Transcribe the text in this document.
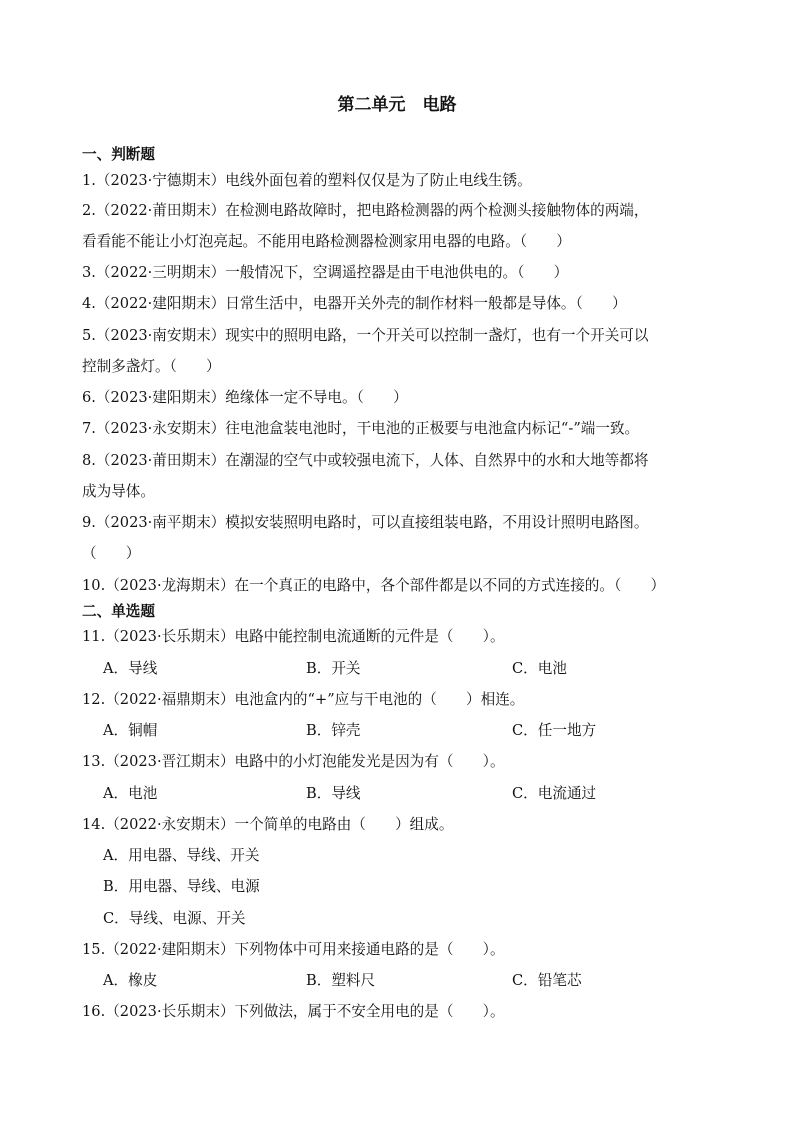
第二单元　电路
一、判断题
1.（2023·宁德期末）电线外面包着的塑料仅仅是为了防止电线生锈。
2.（2022·莆田期末）在检测电路故障时，把电路检测器的两个检测头接触物体的两端，
看看能不能让小灯泡亮起。不能用电路检测器检测家用电器的电路。（　　）
3.（2022·三明期末）一般情况下，空调遥控器是由干电池供电的。（　　）
4.（2022·建阳期末）日常生活中，电器开关外壳的制作材料一般都是导体。（　　）
5.（2023·南安期末）现实中的照明电路，一个开关可以控制一盏灯，也有一个开关可以
控制多盏灯。（　　）
6.（2023·建阳期末）绝缘体一定不导电。（　　）
7.（2023·永安期末）往电池盒装电池时，干电池的正极要与电池盒内标记“-”端一致。
8.（2023·莆田期末）在潮湿的空气中或较强电流下，人体、自然界中的水和大地等都将
成为导体。
9.（2023·南平期末）模拟安装照明电路时，可以直接组装电路，不用设计照明电路图。
（　　）
10.（2023·龙海期末）在一个真正的电路中，各个部件都是以不同的方式连接的。（　　）
二、单选题
11.（2023·长乐期末）电路中能控制电流通断的元件是（　　）。
A．导线	B．开关	C．电池
12.（2022·福鼎期末）电池盒内的“+”应与干电池的（　　）相连。
A．铜帽	B．锌壳	C．任一地方
13.（2023·晋江期末）电路中的小灯泡能发光是因为有（　　）。
A．电池	B．导线	C．电流通过
14.（2022·永安期末）一个简单的电路由（　　）组成。
A．用电器、导线、开关
B．用电器、导线、电源
C．导线、电源、开关
15.（2022·建阳期末）下列物体中可用来接通电路的是（　　）。
A．橡皮	B．塑料尺	C．铅笔芯
16.（2023·长乐期末）下列做法，属于不安全用电的是（　　）。
